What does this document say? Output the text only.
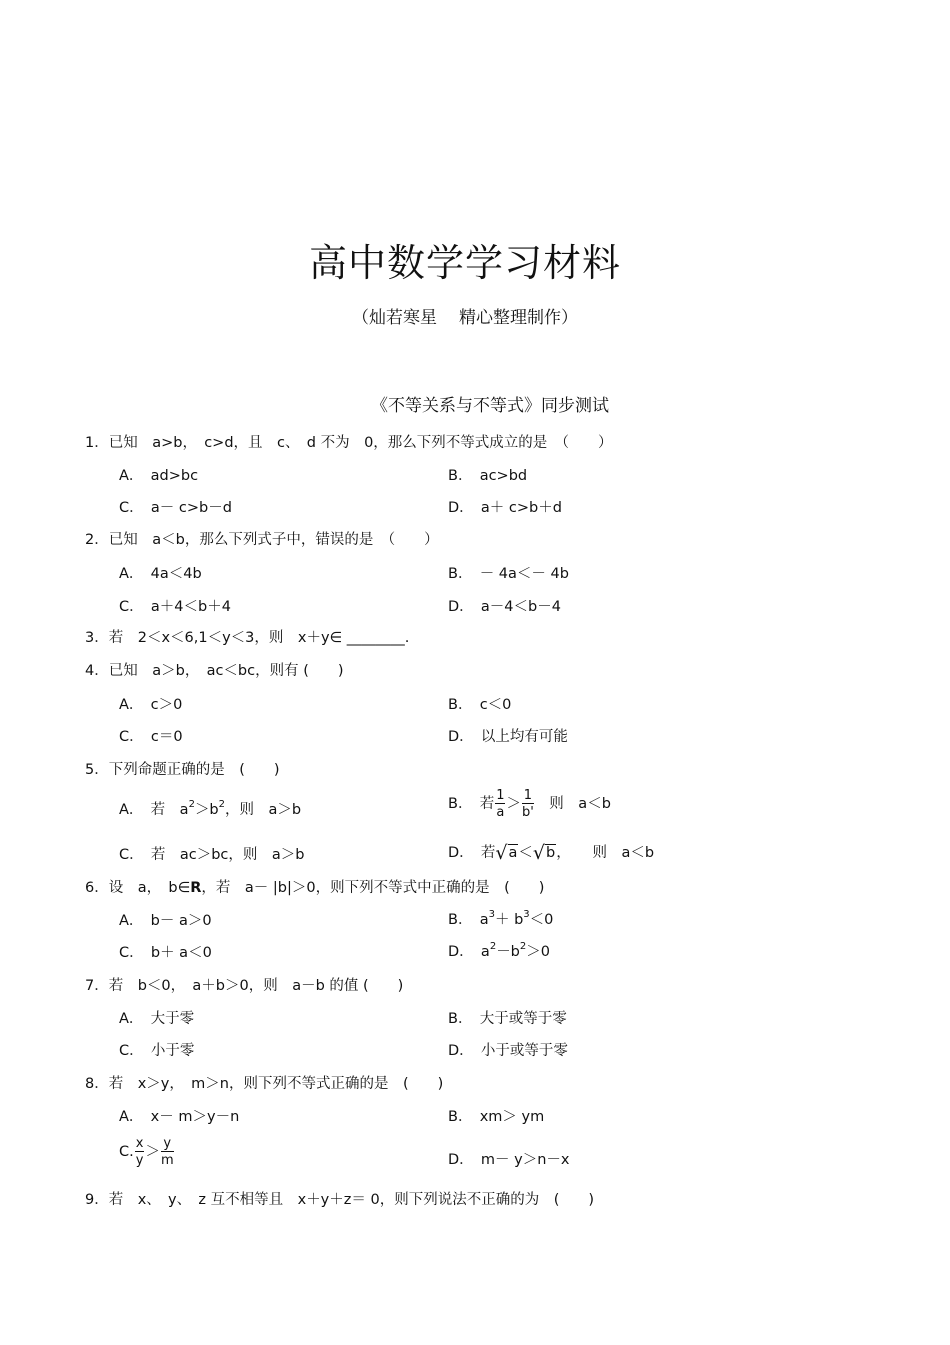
高中数学学习材料
（灿若寒星 精心整理制作）
《不等关系与不等式》同步测试
1．已知　a>b，　c>d，且　c、　d 不为　0，那么下列不等式成立的是　（　　）
A．　ad>bc	B．　ac>bd
C．　a－ c>b－d	D．　a＋ c>b＋d
2．已知　a＜b，那么下列式子中，错误的是　（　　）
A．　4a＜4b	B．　－ 4a＜－ 4b
C．　a＋4＜b＋4	D．　a－4＜b－4
3．若　2＜x＜6,1＜y＜3，则　x＋y∈ ________.
4．已知　a＞b，　ac＜bc，则有 (　　)
A．　c＞0	B．　c＜0
C．　c＝0	D．　以上均有可能
5．下列命题正确的是　(　　)
A．　若　$a^2>b^2$，则　a＞b	B．　若 $\frac{1}{a} > \frac{1}{b'}$ 　则　a＜b
C．　若　ac＞bc，则　a＞b	D．　若√a＜√b，　　则　a＜b
6．设　a，　b∈R，若　a－ |b|＞0，则下列不等式中正确的是　(　　)
A．　b－ a＞0	B．　$a^3+ b^3<0$
C．　b＋ a＜0	D．　$a^2-b^2>0$
7．若　b＜0，　a＋b＞0，则　a－b 的值 (　　)
A．　大于零	B．　大于或等于零
C．　小于零	D．　小于或等于零
8．若　x＞y，　m＞n，则下列不等式正确的是　(　　)
A．　x－ m＞y－n	B．　xm＞ ym
C. $\frac{x}{y} > \frac{y}{m}$	D．　m－ y＞n－x
9．若　x、　y、　z 互不相等且　x＋y＋z＝ 0，则下列说法不正确的为　(　　)
